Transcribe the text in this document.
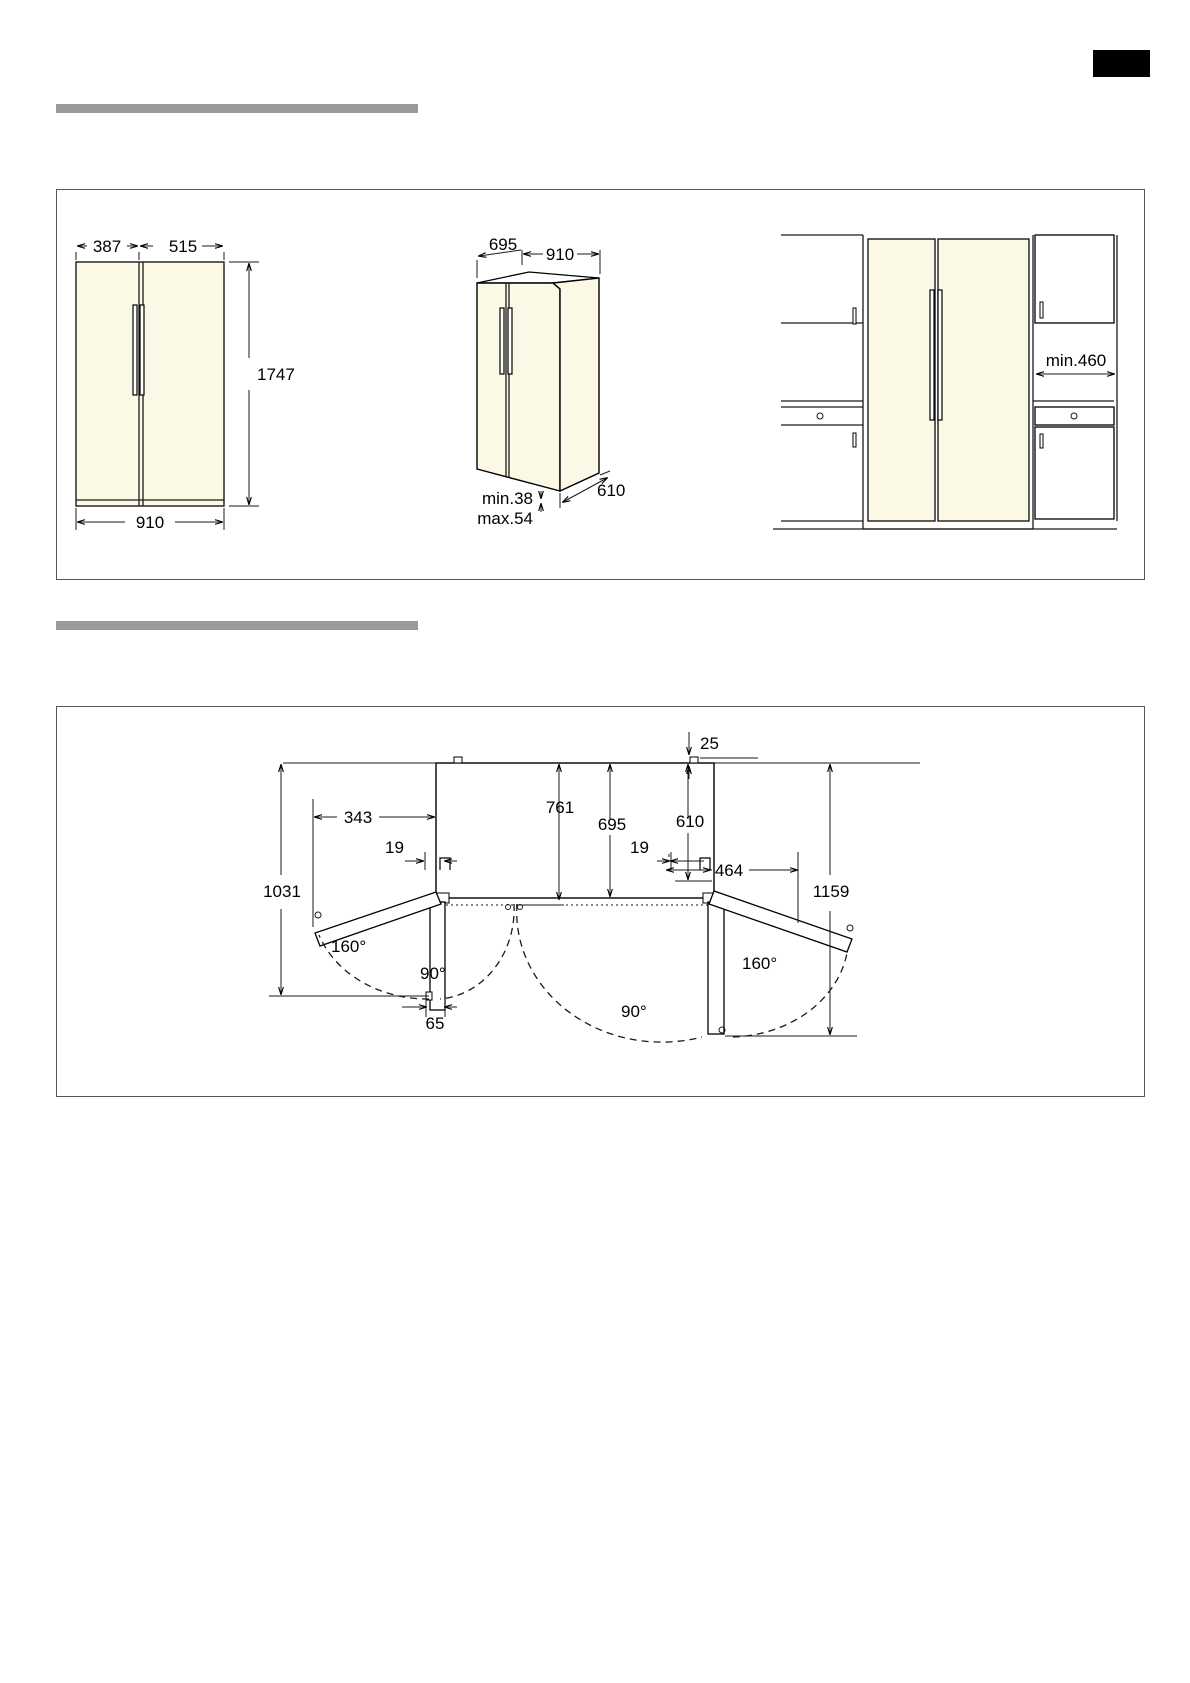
387	515
1747
910
695
910
610
min.38
max.54
min.460
1031
343
19
761
695	610
25
19
464
1159
160°
90°
90°
160°
65
